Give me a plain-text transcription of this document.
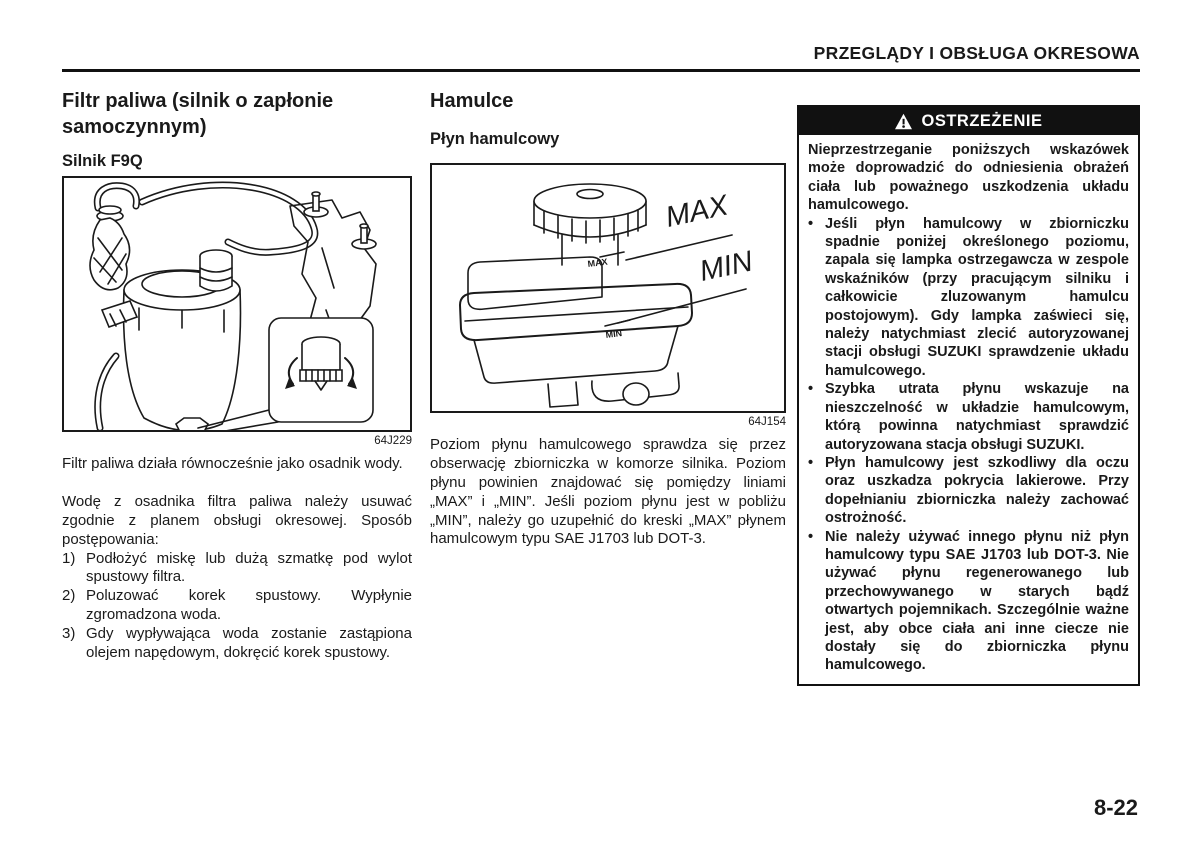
PRZEGLĄDY I OBSŁUGA OKRESOWA
Filtr paliwa (silnik o zapłonie samoczynnym)
Silnik F9Q
64J229

Filtr paliwa działa równocześnie jako osadnik wody.

Wodę z osadnika filtra paliwa należy usuwać zgodnie z planem obsługi okresowej. Sposób postępowania:

1) Podłożyć miskę lub dużą szmatkę pod wylot spustowy filtra.
2) Poluzować korek spustowy. Wypłynie zgromadzona woda.
3) Gdy wypływająca woda zostanie zastąpiona olejem napędowym, dokręcić korek spustowy.
Hamulce
Płyn hamulcowy
MAX
MIN
MAX
MIN
64J154

Poziom płynu hamulcowego sprawdza się przez obserwację zbiorniczka w komorze silnika. Poziom płynu powinien znajdować się pomiędzy liniami „MAX” i „MIN”. Jeśli poziom płynu jest w pobliżu „MIN”, należy go uzupełnić do kreski „MAX” płynem hamulcowym typu SAE J1703 lub DOT-3.

OSTRZEŻENIE

Nieprzestrzeganie poniższych wskazówek może doprowadzić do odniesienia obrażeń ciała lub poważnego uszkodzenia układu hamulcowego.

• Jeśli płyn hamulcowy w zbiorniczku spadnie poniżej określonego poziomu, zapala się lampka ostrzegawcza w zespole wskaźników (przy pracującym silniku i całkowicie zluzowanym hamulcu postojowym). Gdy lampka zaświeci się, należy natychmiast zlecić autoryzowanej stacji obsługi SUZUKI sprawdzenie układu hamulcowego.
• Szybka utrata płynu wskazuje na nieszczelność w układzie hamulcowym, którą powinna natychmiast sprawdzić autoryzowana stacja obsługi SUZUKI.
• Płyn hamulcowy jest szkodliwy dla oczu oraz uszkadza pokrycia lakierowe. Przy dopełnianiu zbiorniczka należy zachować ostrożność.
• Nie należy używać innego płynu niż płyn hamulcowy typu SAE J1703 lub DOT-3. Nie używać płynu regenerowanego lub przechowywanego w starych bądź otwartych pojemnikach. Szczególnie ważne jest, aby obce ciała ani inne ciecze nie dostały się do zbiorniczka płynu hamulcowego.
8-22
